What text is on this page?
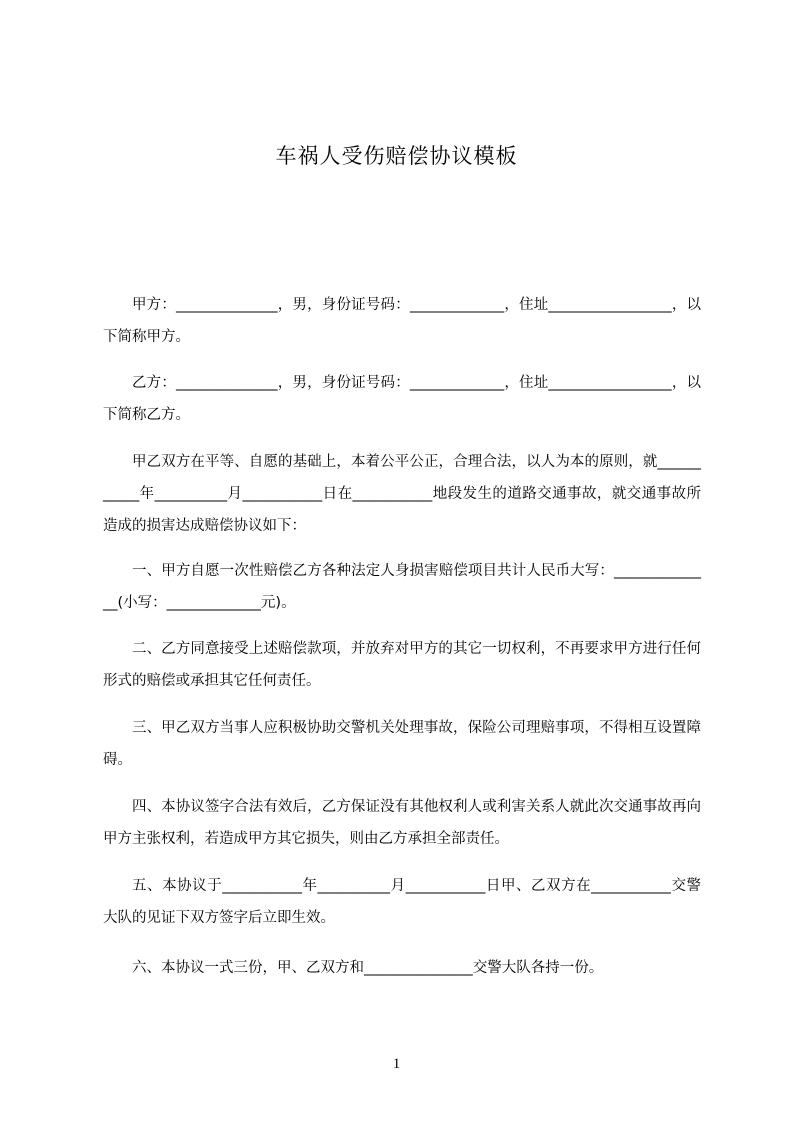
车祸人受伤赔偿协议模板

甲方：______________，男，身份证号码：_____________，住址_________________，以下简称甲方。

乙方：______________，男，身份证号码：_____________，住址_________________，以下简称乙方。

甲乙双方在平等、自愿的基础上，本着公平公正，合理合法，以人为本的原则，就___________年__________月___________日在___________地段发生的道路交通事故，就交通事故所造成的损害达成赔偿协议如下：

一、甲方自愿一次性赔偿乙方各种法定人身损害赔偿项目共计人民币大写：______________(小写：_____________元)。

二、乙方同意接受上述赔偿款项，并放弃对甲方的其它一切权利，不再要求甲方进行任何形式的赔偿或承担其它任何责任。

三、甲乙双方当事人应积极协助交警机关处理事故，保险公司理赔事项，不得相互设置障碍。

四、本协议签字合法有效后，乙方保证没有其他权利人或利害关系人就此次交通事故再向甲方主张权利，若造成甲方其它损失，则由乙方承担全部责任。

五、本协议于___________年__________月___________日甲、乙双方在___________交警大队的见证下双方签字后立即生效。

六、本协议一式三份，甲、乙双方和_______________交警大队各持一份。

1
